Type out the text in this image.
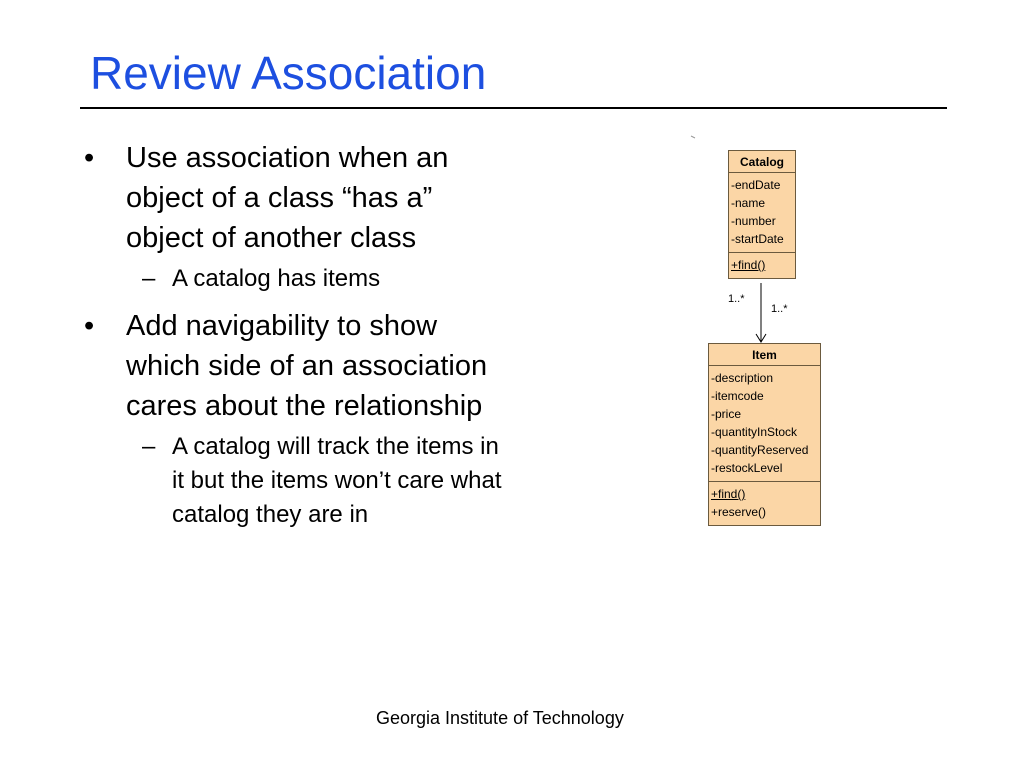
Review Association
• Use association when an object of a class “has a” object of another class
– A catalog has items
• Add navigability to show which side of an association cares about the relationship
– A catalog will track the items in it but the items won’t care what catalog they are in
Catalog
-endDate
-name
-number
-startDate
+find()
1..*
1..*
Item
-description
-itemcode
-price
-quantityInStock
-quantityReserved
-restockLevel
+find()
+reserve()
Georgia Institute of Technology
